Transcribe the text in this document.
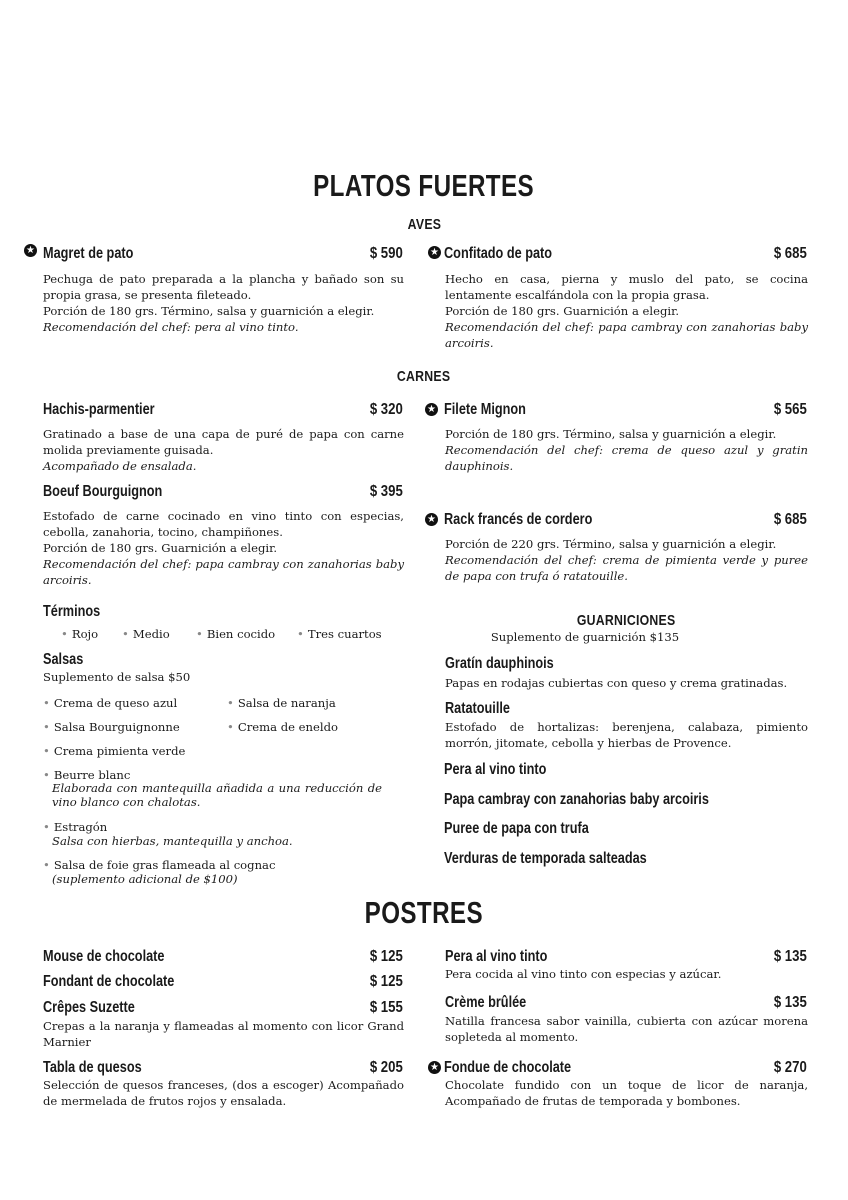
PLATOS FUERTES
AVES
★
Magret de pato	$ 590
Pechuga de pato preparada a la plancha y bañado son su propia grasa, se presenta fileteado.
Porción de 180 grs. Término, salsa y guarnición a elegir.
Recomendación del chef: pera al vino tinto.
★
Confitado de pato	$ 685
Hecho en casa, pierna y muslo del pato, se cocina lentamente escalfándola con la propia grasa.
Porción de 180 grs. Guarnición a elegir.
Recomendación del chef: papa cambray con zanahorias baby arcoiris.
CARNES
Hachis-parmentier	$ 320
Gratinado a base de una capa de puré de papa con carne molida previamente guisada.
Acompañado de ensalada.
★
Filete Mignon	$ 565
Porción de 180 grs. Término, salsa y guarnición a elegir.
Recomendación del chef: crema de queso azul y gratin dauphinois.
Boeuf Bourguignon	$ 395
Estofado de carne cocinado en vino tinto con especias, cebolla, zanahoria, tocino, champiñones.
Porción de 180 grs. Guarnición a elegir.
Recomendación del chef: papa cambray con zanahorias baby arcoiris.
★
Rack francés de cordero	$ 685
Porción de 220 grs. Término, salsa y guarnición a elegir.
Recomendación del chef: crema de pimienta verde y puree de papa con trufa ó ratatouille.
Términos
• Rojo • Medio • Bien cocido • Tres cuartos
Salsas
Suplemento de salsa $50
• Crema de queso azul
• Salsa Bourguignonne
• Crema pimienta verde
• Salsa de naranja
• Crema de eneldo
• Beurre blanc
Elaborada con mantequilla añadida a una reducción de vino blanco con chalotas.
• Estragón
Salsa con hierbas, mantequilla y anchoa.
• Salsa de foie gras flameada al cognac
(suplemento adicional de $100)
GUARNICIONES
Suplemento de guarnición $135
Gratín dauphinois
Papas en rodajas cubiertas con queso y crema gratinadas.
Ratatouille
Estofado de hortalizas: berenjena, calabaza, pimiento morrón, jitomate, cebolla y hierbas de Provence.
Pera al vino tinto
Papa cambray con zanahorias baby arcoiris
Puree de papa con trufa
Verduras de temporada salteadas
POSTRES
Mouse de chocolate	$ 125
Fondant de chocolate	$ 125
Crêpes Suzette	$ 155
Crepas a la naranja y flameadas al momento con licor Grand Marnier
Tabla de quesos	$ 205
Selección de quesos franceses, (dos a escoger) Acompañado de mermelada de frutos rojos y ensalada.
Pera al vino tinto	$ 135
Pera cocida al vino tinto con especias y azúcar.
Crème brûlée	$ 135
Natilla francesa sabor vainilla, cubierta con azúcar morena sopleteda al momento.
★
Fondue de chocolate	$ 270
Chocolate fundido con un toque de licor de naranja, Acompañado de frutas de temporada y bombones.
